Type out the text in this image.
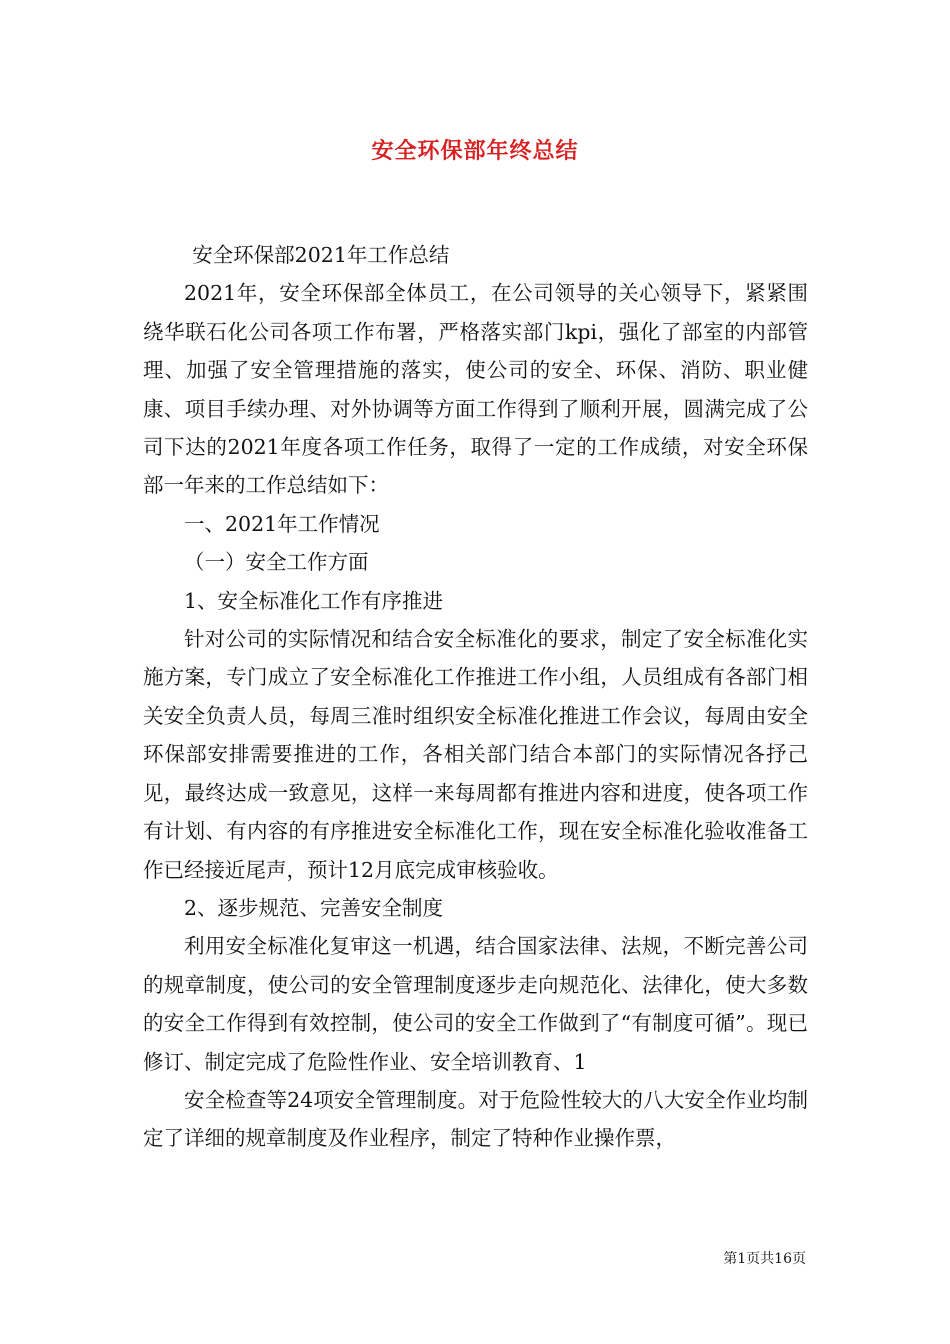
安全环保部年终总结

安全环保部2021年工作总结

2021年，安全环保部全体员工，在公司领导的关心领导下，紧紧围绕华联石化公司各项工作布署，严格落实部门kpi，强化了部室的内部管理、加强了安全管理措施的落实，使公司的安全、环保、消防、职业健康、项目手续办理、对外协调等方面工作得到了顺利开展，圆满完成了公司下达的2021年度各项工作任务，取得了一定的工作成绩，对安全环保部一年来的工作总结如下：

一、2021年工作情况

（一）安全工作方面

1、安全标准化工作有序推进

针对公司的实际情况和结合安全标准化的要求，制定了安全标准化实施方案，专门成立了安全标准化工作推进工作小组，人员组成有各部门相关安全负责人员，每周三准时组织安全标准化推进工作会议，每周由安全环保部安排需要推进的工作，各相关部门结合本部门的实际情况各抒己见，最终达成一致意见，这样一来每周都有推进内容和进度，使各项工作有计划、有内容的有序推进安全标准化工作，现在安全标准化验收准备工作已经接近尾声，预计12月底完成审核验收。

2、逐步规范、完善安全制度

利用安全标准化复审这一机遇，结合国家法律、法规，不断完善公司的规章制度，使公司的安全管理制度逐步走向规范化、法律化，使大多数的安全工作得到有效控制，使公司的安全工作做到了“有制度可循”。现已修订、制定完成了危险性作业、安全培训教育、1

安全检查等24项安全管理制度。对于危险性较大的八大安全作业均制定了详细的规章制度及作业程序，制定了特种作业操作票，

第1页共16页
